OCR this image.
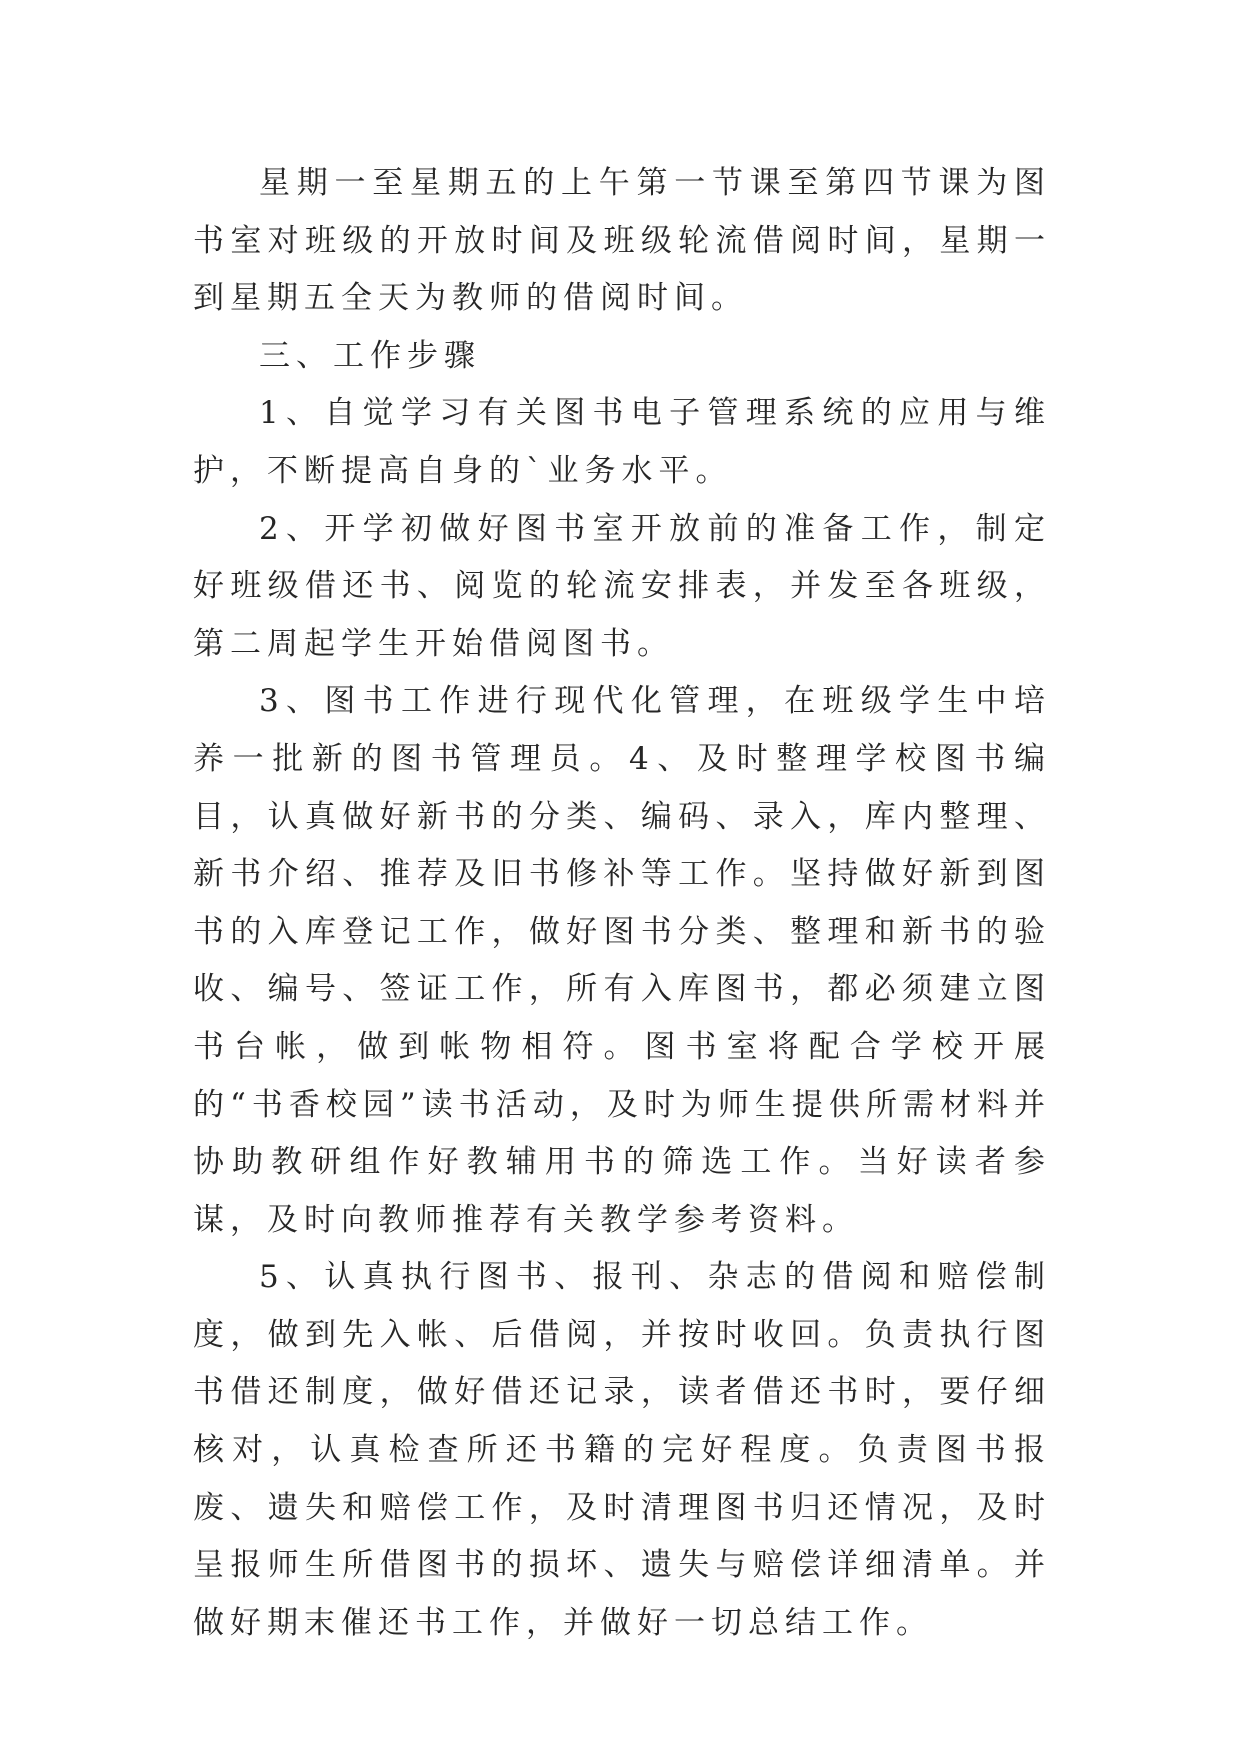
星期一至星期五的上午第一节课至第四节课为图书室对班级的开放时间及班级轮流借阅时间，星期一到星期五全天为教师的借阅时间。

三、工作步骤

1、自觉学习有关图书电子管理系统的应用与维护，不断提高自身的`业务水平。

2、开学初做好图书室开放前的准备工作，制定好班级借还书、阅览的轮流安排表，并发至各班级，第二周起学生开始借阅图书。

3、图书工作进行现代化管理，在班级学生中培养一批新的图书管理员。4、及时整理学校图书编目，认真做好新书的分类、编码、录入，库内整理、新书介绍、推荐及旧书修补等工作。坚持做好新到图书的入库登记工作，做好图书分类、整理和新书的验收、编号、签证工作，所有入库图书，都必须建立图书台帐，做到帐物相符。图书室将配合学校开展的“书香校园”读书活动，及时为师生提供所需材料并协助教研组作好教辅用书的筛选工作。当好读者参谋，及时向教师推荐有关教学参考资料。

5、认真执行图书、报刊、杂志的借阅和赔偿制度，做到先入帐、后借阅，并按时收回。负责执行图书借还制度，做好借还记录，读者借还书时，要仔细核对，认真检查所还书籍的完好程度。负责图书报废、遗失和赔偿工作，及时清理图书归还情况，及时呈报师生所借图书的损坏、遗失与赔偿详细清单。并做好期末催还书工作，并做好一切总结工作。
